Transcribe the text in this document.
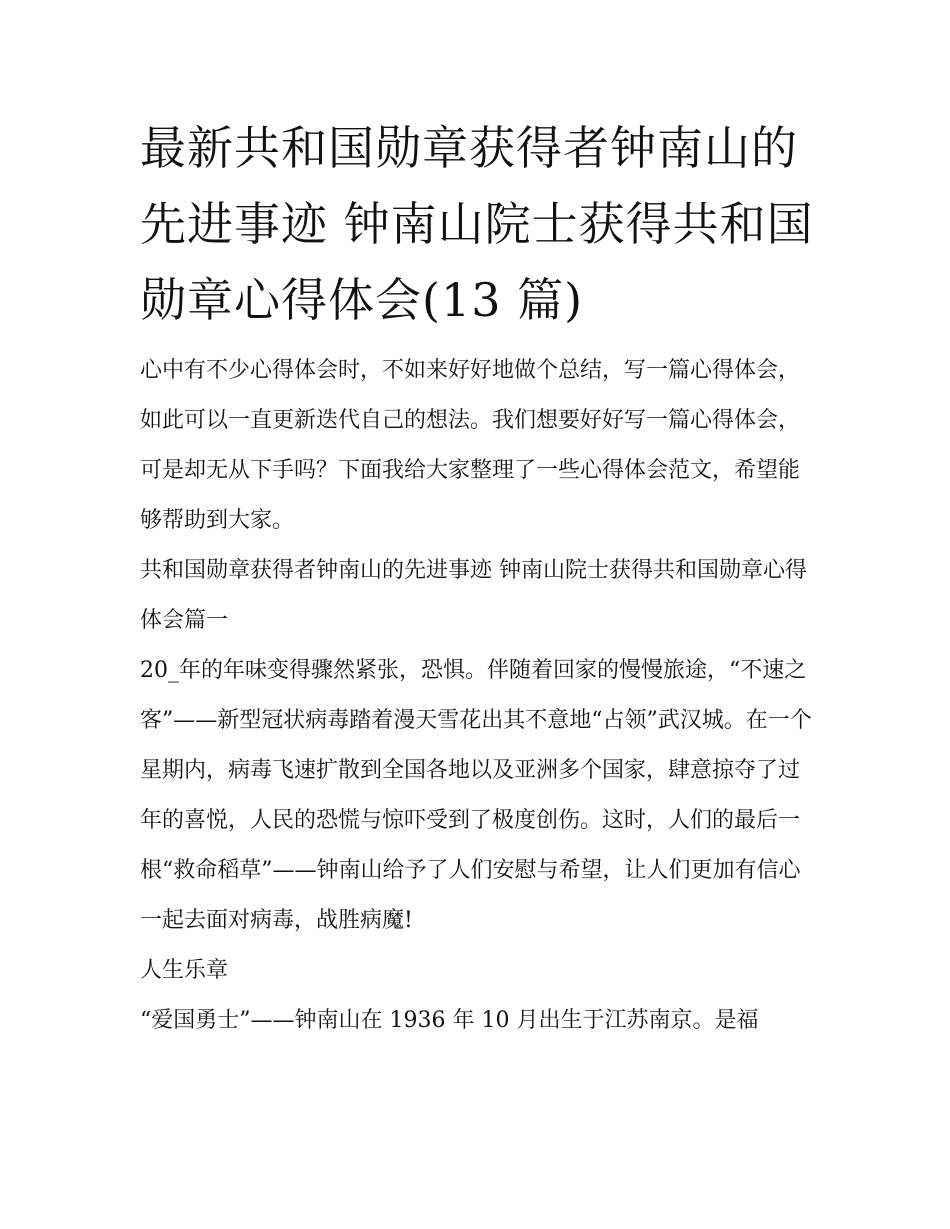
最新共和国勋章获得者钟南山的先进事迹 钟南山院士获得共和国勋章心得体会(13 篇)

心中有不少心得体会时，不如来好好地做个总结，写一篇心得体会，如此可以一直更新迭代自己的想法。我们想要好好写一篇心得体会，可是却无从下手吗？下面我给大家整理了一些心得体会范文，希望能够帮助到大家。

共和国勋章获得者钟南山的先进事迹 钟南山院士获得共和国勋章心得体会篇一

20_年的年味变得骤然紧张，恐惧。伴随着回家的慢慢旅途，“不速之客”——新型冠状病毒踏着漫天雪花出其不意地“占领”武汉城。在一个星期内，病毒飞速扩散到全国各地以及亚洲多个国家，肆意掠夺了过年的喜悦，人民的恐慌与惊吓受到了极度创伤。这时，人们的最后一根“救命稻草”——钟南山给予了人们安慰与希望，让人们更加有信心一起去面对病毒，战胜病魔!

人生乐章

“爱国勇士”——钟南山在 1936 年 10 月出生于江苏南京。是福
